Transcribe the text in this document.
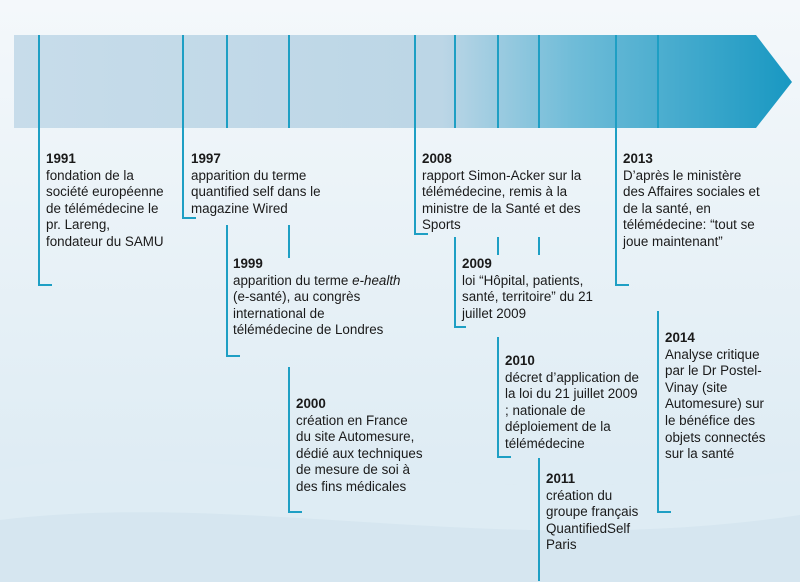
1991
fondation de la société européenne de télémédecine le pr. Lareng, fondateur du SAMU
1997
apparition du terme quantified self dans le magazine Wired
1999
apparition du terme e-health (e-santé), au congrès international de télémédecine de Londres
2000
création en France du site Automesure, dédié aux techniques de mesure de soi à des fins médicales
2008
rapport Simon-Acker sur la télémédecine, remis à la ministre de la Santé et des Sports
2009
loi “Hôpital, patients, santé, territoire” du 21 juillet 2009
2010
décret d’application de la loi du 21 juillet 2009 ; nationale de déploiement de la télémédecine
2011
création du groupe français QuantifiedSelf Paris
2013
D’après le ministère des Affaires sociales et de la santé, en télémédecine: “tout se joue maintenant”
2014
Analyse critique par le Dr Postel-Vinay (site Automesure) sur le bénéfice des objets connectés sur la santé
